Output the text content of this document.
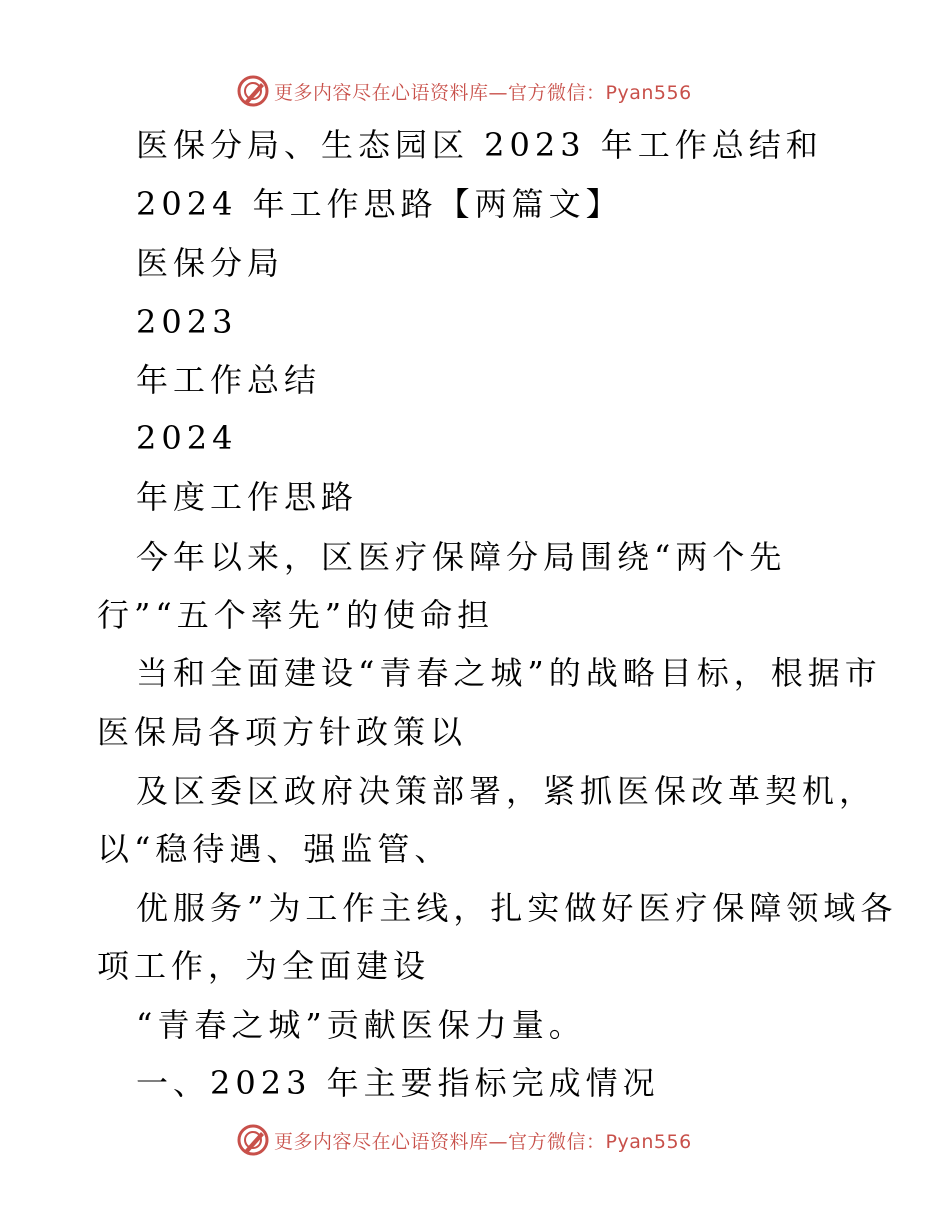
更多内容尽在心语资料库—官方微信：Pyan556
医保分局、生态园区 2023 年工作总结和
2024 年工作思路【两篇文】
医保分局
2023
年工作总结
2024
年度工作思路
今年以来，区医疗保障分局围绕“两个先
行”“五个率先”的使命担
当和全面建设“青春之城”的战略目标，根据市
医保局各项方针政策以
及区委区政府决策部署，紧抓医保改革契机，
以“稳待遇、强监管、
优服务”为工作主线，扎实做好医疗保障领域各
项工作，为全面建设
“青春之城”贡献医保力量。
一、2023 年主要指标完成情况
更多内容尽在心语资料库—官方微信：Pyan556
